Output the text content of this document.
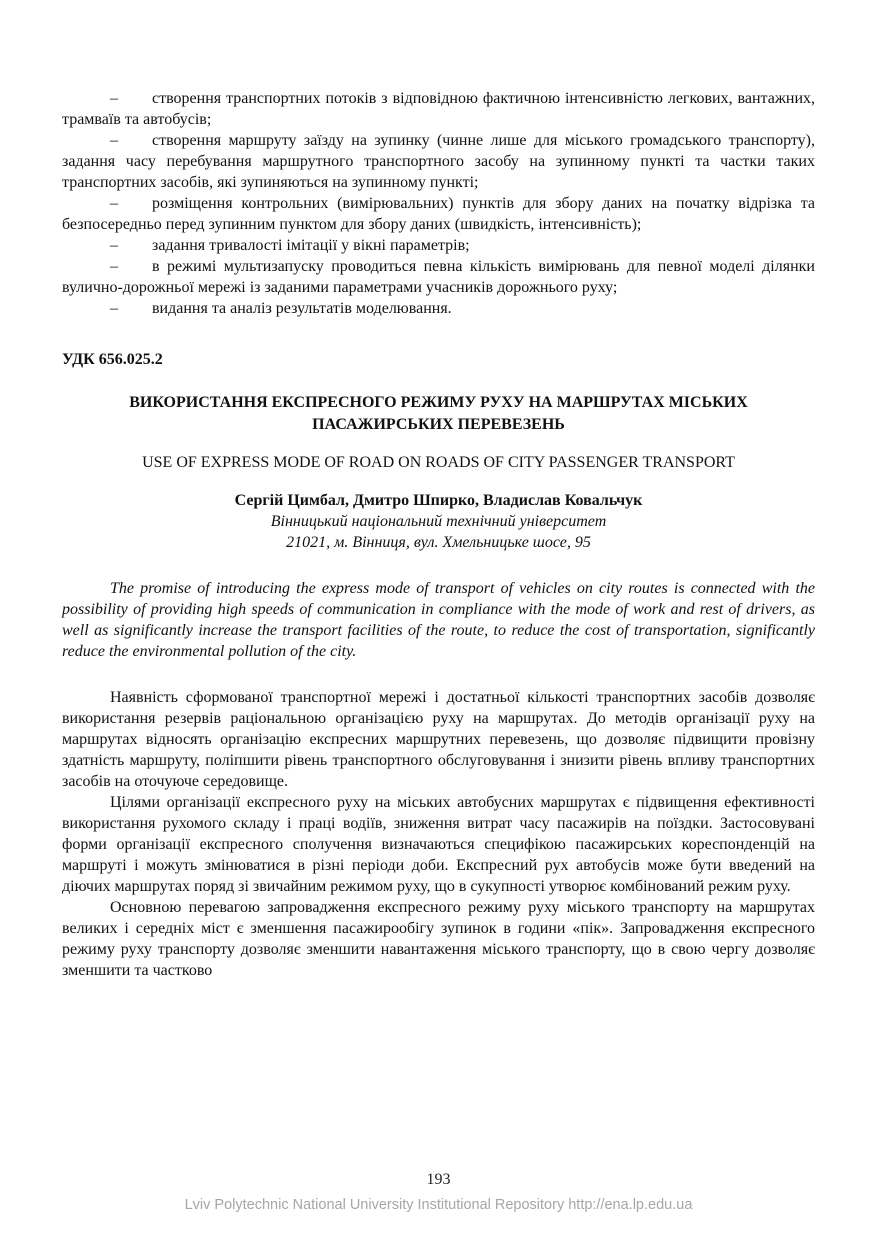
– створення транспортних потоків з відповідною фактичною інтенсивністю легкових, вантажних, трамваїв та автобусів;

– створення маршруту заїзду на зупинку (чинне лише для міського громадського транспорту), задання часу перебування маршрутного транспортного засобу на зупинному пункті та частки таких транспортних засобів, які зупиняються на зупинному пункті;

– розміщення контрольних (вимірювальних) пунктів для збору даних на початку відрізка та безпосередньо перед зупинним пунктом для збору даних (швидкість, інтенсивність);

– задання тривалості імітації у вікні параметрів;

– в режимі мультизапуску проводиться певна кількість вимірювань для певної моделі ділянки вулично-дорожньої мережі із заданими параметрами учасників дорожнього руху;

– видання та аналіз результатів моделювання.

УДК 656.025.2

ВИКОРИСТАННЯ ЕКСПРЕСНОГО РЕЖИМУ РУХУ НА МАРШРУТАХ МІСЬКИХ ПАСАЖИРСЬКИХ ПЕРЕВЕЗЕНЬ

USE OF EXPRESS MODE OF ROAD ON ROADS OF CITY PASSENGER TRANSPORT

Сергій Цимбал, Дмитро Шпирко, Владислав Ковальчук

Вінницький національний технічний університет

21021, м. Вінниця, вул. Хмельницьке шосе, 95

The promise of introducing the express mode of transport of vehicles on city routes is connected with the possibility of providing high speeds of communication in compliance with the mode of work and rest of drivers, as well as significantly increase the transport facilities of the route, to reduce the cost of transportation, significantly reduce the environmental pollution of the city.

Наявність сформованої транспортної мережі і достатньої кількості транспортних засобів дозволяє використання резервів раціональною організацією руху на маршрутах. До методів організації руху на маршрутах відносять організацію експресних маршрутних перевезень, що дозволяє підвищити провізну здатність маршруту, поліпшити рівень транспортного обслуговування і знизити рівень впливу транспортних засобів на оточуюче середовище.

Цілями організації експресного руху на міських автобусних маршрутах є підвищення ефективності використання рухомого складу і праці водіїв, зниження витрат часу пасажирів на поїздки. Застосовувані форми організації експресного сполучення визначаються специфікою пасажирських кореспонденцій на маршруті і можуть змінюватися в різні періоди доби. Експресний рух автобусів може бути введений на діючих маршрутах поряд зі звичайним режимом руху, що в сукупності утворює комбінований режим руху.

Основною перевагою запровадження експресного режиму руху міського транспорту на маршрутах великих і середніх міст є зменшення пасажирообігу зупинок в години «пік». Запровадження експресного режиму руху транспорту дозволяє зменшити навантаження міського транспорту, що в свою чергу дозволяє зменшити та частково

193
Lviv Polytechnic National University Institutional Repository http://ena.lp.edu.ua
